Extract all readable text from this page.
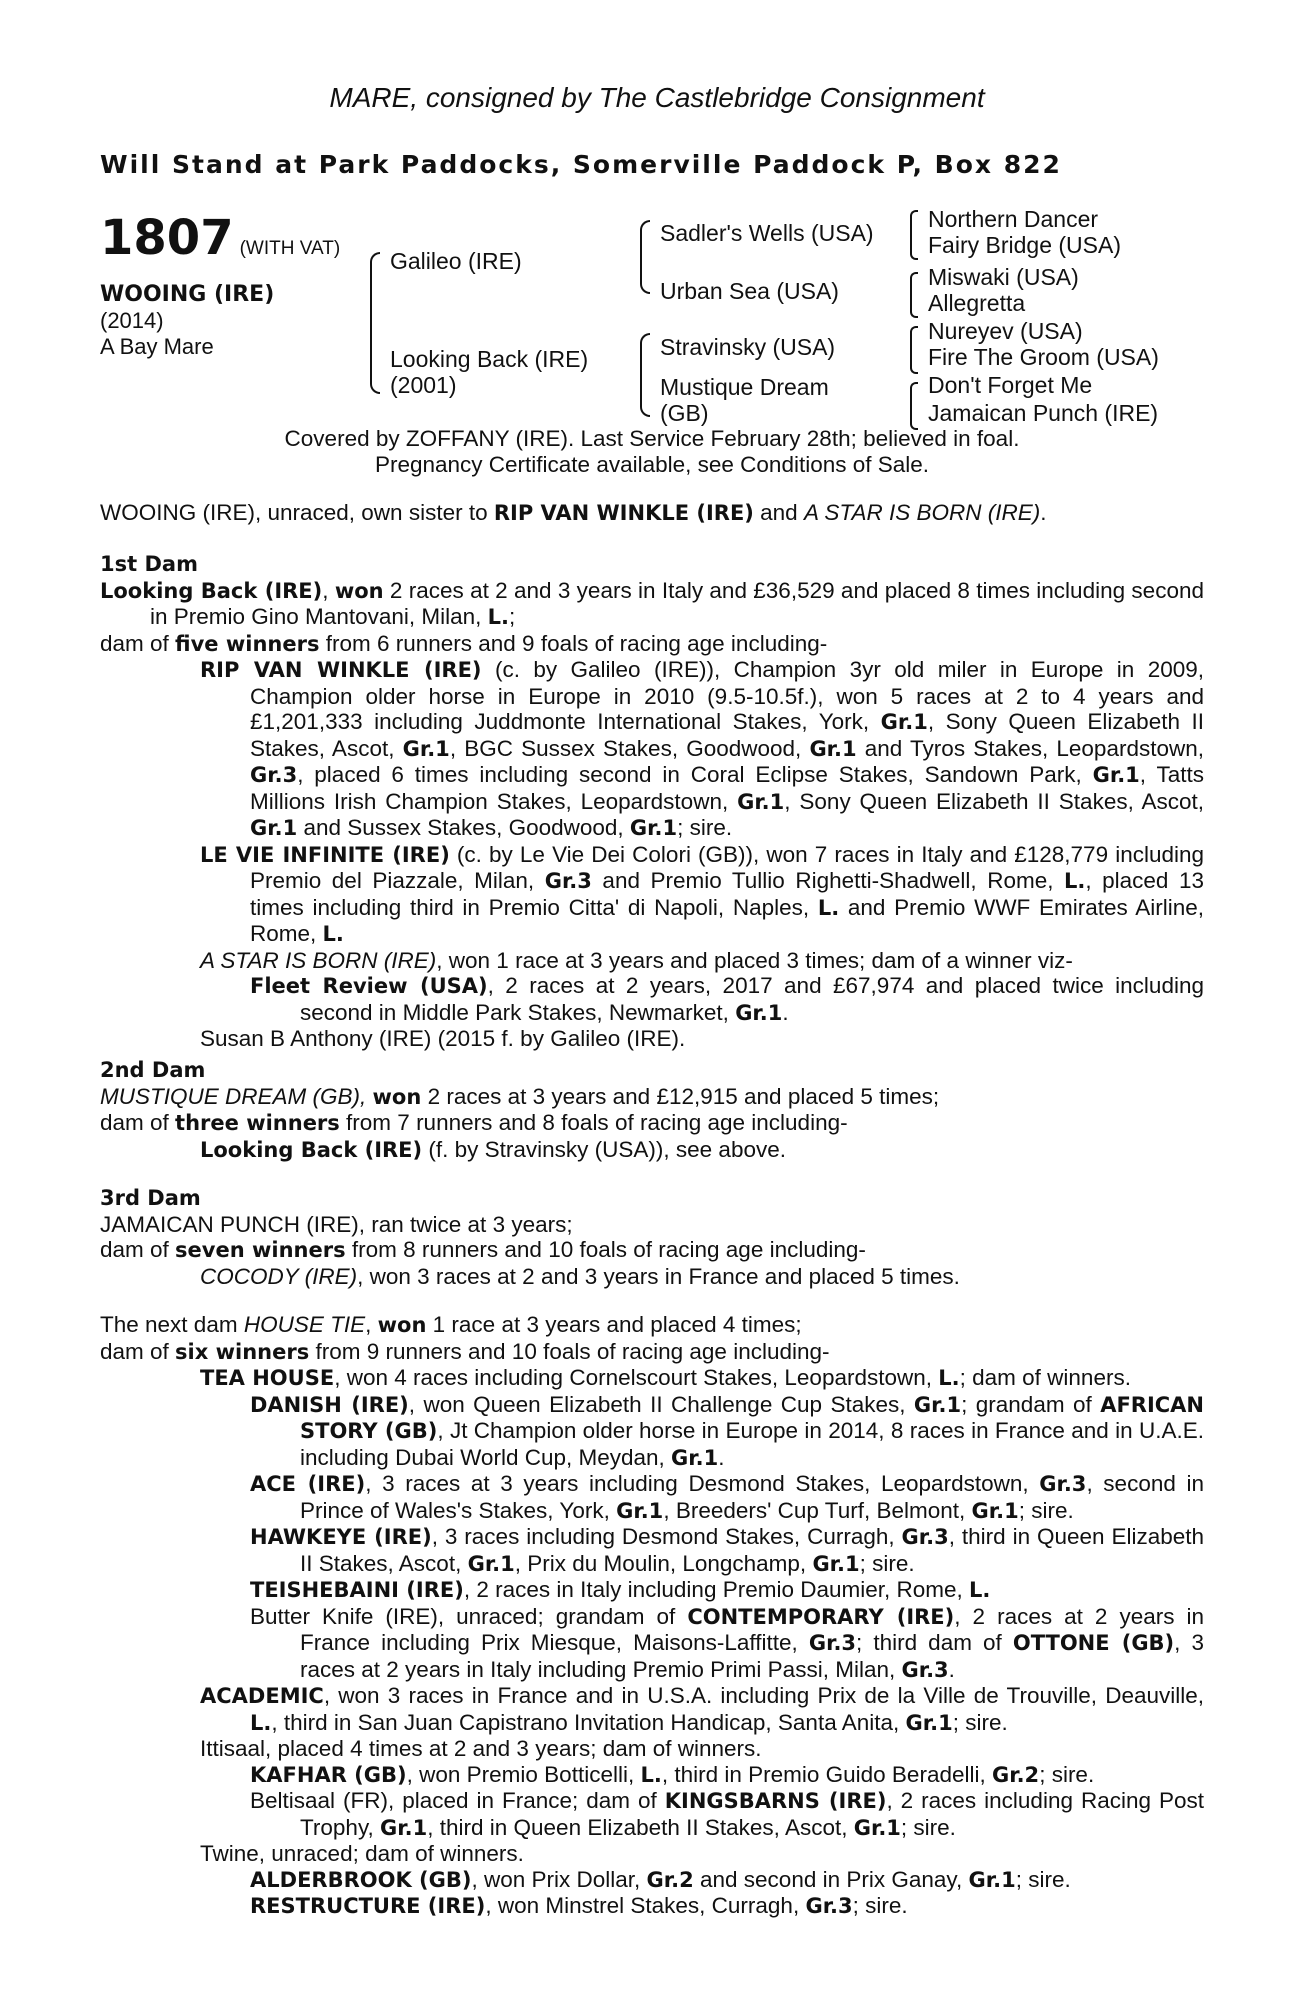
MARE, consigned by The Castlebridge Consignment
Will Stand at Park Paddocks, Somerville Paddock P, Box 822
1807 (WITH VAT)
WOOING (IRE)
(2014)
A Bay Mare
Galileo (IRE)
Looking Back (IRE)
(2001)
Sadler's Wells (USA)
Urban Sea (USA)
Stravinsky (USA)
Mustique Dream
(GB)
Northern Dancer
Fairy Bridge (USA)
Miswaki (USA)
Allegretta
Nureyev (USA)
Fire The Groom (USA)
Don't Forget Me
Jamaican Punch (IRE)

Covered by ZOFFANY (IRE). Last Service February 28th; believed in foal.

Pregnancy Certificate available, see Conditions of Sale.

WOOING (IRE), unraced, own sister to RIP VAN WINKLE (IRE) and A STAR IS BORN (IRE).

1st Dam

Looking Back (IRE), won 2 races at 2 and 3 years in Italy and £36,529 and placed 8 times including second in Premio Gino Mantovani, Milan, L.;

dam of five winners from 6 runners and 9 foals of racing age including-

RIP VAN WINKLE (IRE) (c. by Galileo (IRE)), Champion 3yr old miler in Europe in 2009, Champion older horse in Europe in 2010 (9.5-10.5f.), won 5 races at 2 to 4 years and £1,201,333 including Juddmonte International Stakes, York, Gr.1, Sony Queen Elizabeth II Stakes, Ascot, Gr.1, BGC Sussex Stakes, Goodwood, Gr.1 and Tyros Stakes, Leopardstown, Gr.3, placed 6 times including second in Coral Eclipse Stakes, Sandown Park, Gr.1, Tatts Millions Irish Champion Stakes, Leopardstown, Gr.1, Sony Queen Elizabeth II Stakes, Ascot, Gr.1 and Sussex Stakes, Goodwood, Gr.1; sire.

LE VIE INFINITE (IRE) (c. by Le Vie Dei Colori (GB)), won 7 races in Italy and £128,779 including Premio del Piazzale, Milan, Gr.3 and Premio Tullio Righetti-Shadwell, Rome, L., placed 13 times including third in Premio Citta' di Napoli, Naples, L. and Premio WWF Emirates Airline, Rome, L.

A STAR IS BORN (IRE), won 1 race at 3 years and placed 3 times; dam of a winner viz-

Fleet Review (USA), 2 races at 2 years, 2017 and £67,974 and placed twice including second in Middle Park Stakes, Newmarket, Gr.1.

Susan B Anthony (IRE) (2015 f. by Galileo (IRE).

2nd Dam

MUSTIQUE DREAM (GB), won 2 races at 3 years and £12,915 and placed 5 times;

dam of three winners from 7 runners and 8 foals of racing age including-

Looking Back (IRE) (f. by Stravinsky (USA)), see above.

3rd Dam

JAMAICAN PUNCH (IRE), ran twice at 3 years;

dam of seven winners from 8 runners and 10 foals of racing age including-

COCODY (IRE), won 3 races at 2 and 3 years in France and placed 5 times.

The next dam HOUSE TIE, won 1 race at 3 years and placed 4 times;

dam of six winners from 9 runners and 10 foals of racing age including-

TEA HOUSE, won 4 races including Cornelscourt Stakes, Leopardstown, L.; dam of winners.

DANISH (IRE), won Queen Elizabeth II Challenge Cup Stakes, Gr.1; grandam of AFRICAN STORY (GB), Jt Champion older horse in Europe in 2014, 8 races in France and in U.A.E. including Dubai World Cup, Meydan, Gr.1.

ACE (IRE), 3 races at 3 years including Desmond Stakes, Leopardstown, Gr.3, second in Prince of Wales's Stakes, York, Gr.1, Breeders' Cup Turf, Belmont, Gr.1; sire.

HAWKEYE (IRE), 3 races including Desmond Stakes, Curragh, Gr.3, third in Queen Elizabeth II Stakes, Ascot, Gr.1, Prix du Moulin, Longchamp, Gr.1; sire.

TEISHEBAINI (IRE), 2 races in Italy including Premio Daumier, Rome, L.

Butter Knife (IRE), unraced; grandam of CONTEMPORARY (IRE), 2 races at 2 years in France including Prix Miesque, Maisons-Laffitte, Gr.3; third dam of OTTONE (GB), 3 races at 2 years in Italy including Premio Primi Passi, Milan, Gr.3.

ACADEMIC, won 3 races in France and in U.S.A. including Prix de la Ville de Trouville, Deauville, L., third in San Juan Capistrano Invitation Handicap, Santa Anita, Gr.1; sire.

Ittisaal, placed 4 times at 2 and 3 years; dam of winners.

KAFHAR (GB), won Premio Botticelli, L., third in Premio Guido Beradelli, Gr.2; sire.

Beltisaal (FR), placed in France; dam of KINGSBARNS (IRE), 2 races including Racing Post Trophy, Gr.1, third in Queen Elizabeth II Stakes, Ascot, Gr.1; sire.

Twine, unraced; dam of winners.

ALDERBROOK (GB), won Prix Dollar, Gr.2 and second in Prix Ganay, Gr.1; sire.

RESTRUCTURE (IRE), won Minstrel Stakes, Curragh, Gr.3; sire.
